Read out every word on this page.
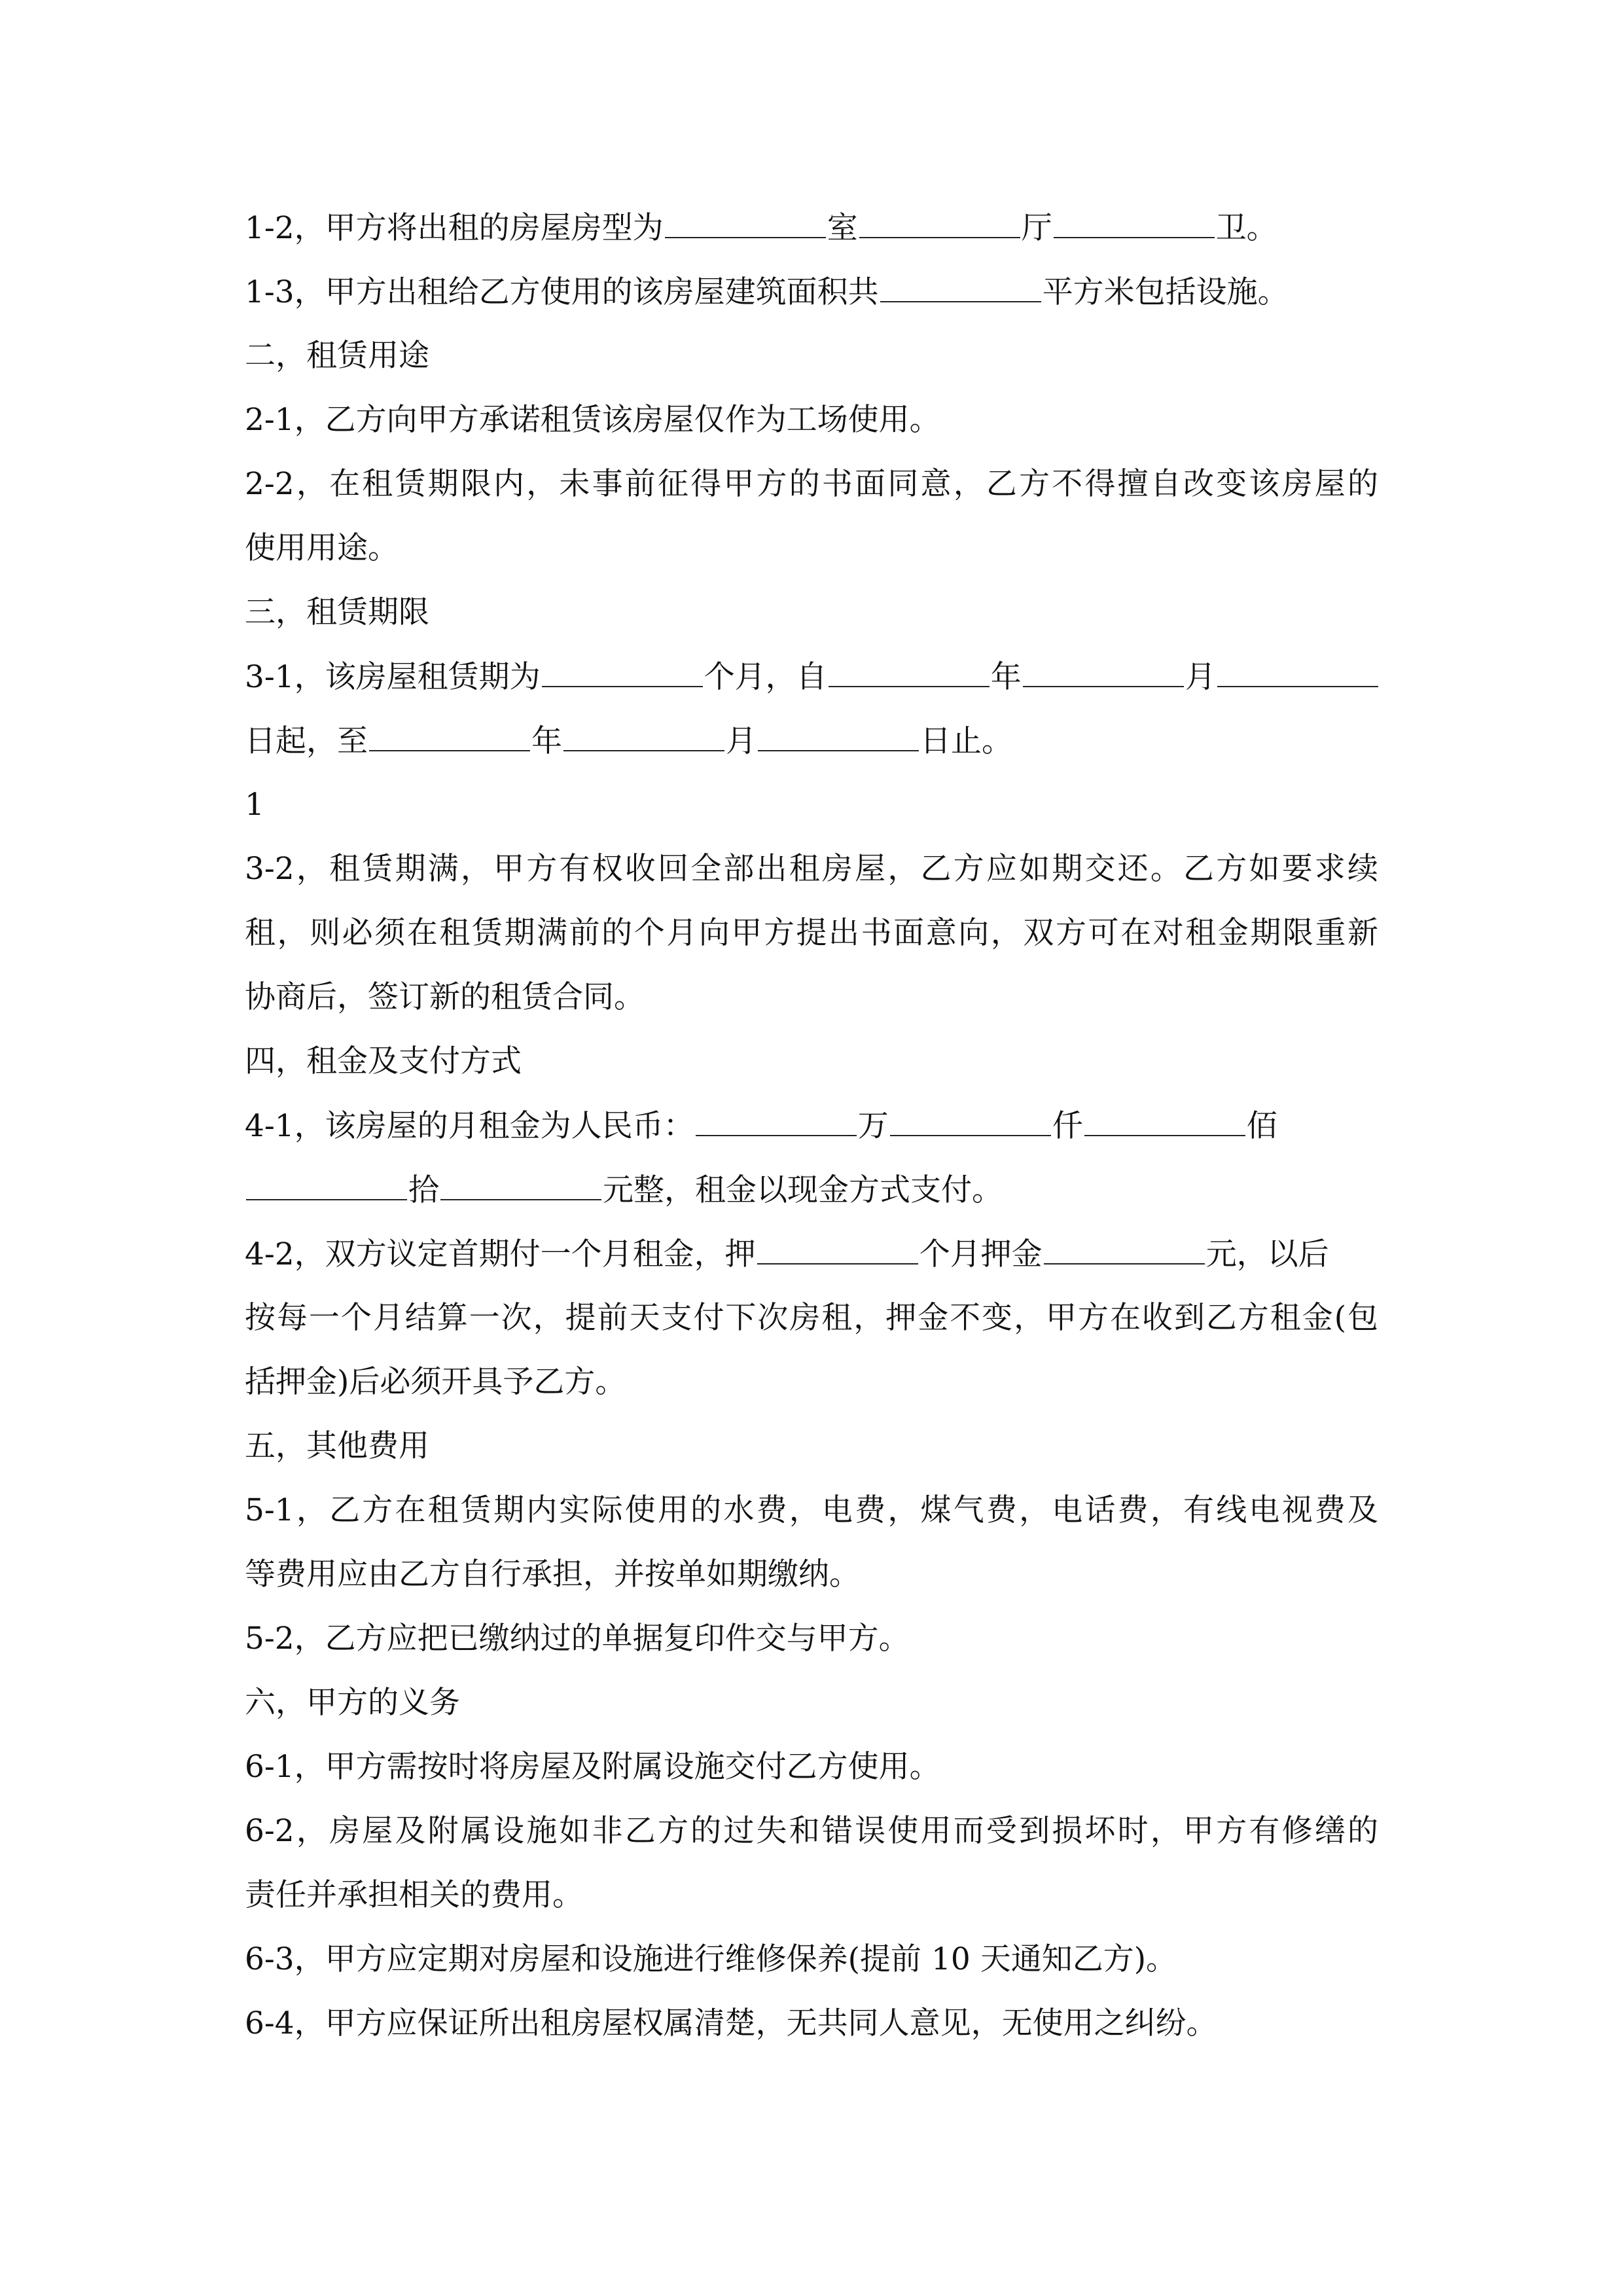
1-2，甲方将出租的房屋房型为	室	厅	卫。
1-3，甲方出租给乙方使用的该房屋建筑面积共	平方米包括设施。
二，租赁用途
2-1，乙方向甲方承诺租赁该房屋仅作为工场使用。
2-2，在租赁期限内，未事前征得甲方的书面同意，乙方不得擅自改变该房屋的
使用用途。
三，租赁期限
3-1，该房屋租赁期为	个月，自	年	月
日起，至	年	月	日止。
1
3-2，租赁期满，甲方有权收回全部出租房屋，乙方应如期交还。乙方如要求续
租，则必须在租赁期满前的个月向甲方提出书面意向，双方可在对租金期限重新
协商后，签订新的租赁合同。
四，租金及支付方式
4-1，该房屋的月租金为人民币：	万	仟	佰
拾	元整，租金以现金方式支付。
4-2，双方议定首期付一个月租金，押	个月押金	元，以后
按每一个月结算一次，提前天支付下次房租，押金不变，甲方在收到乙方租金(包
括押金)后必须开具予乙方。
五，其他费用
5-1，乙方在租赁期内实际使用的水费，电费，煤气费，电话费，有线电视费及
等费用应由乙方自行承担，并按单如期缴纳。
5-2，乙方应把已缴纳过的单据复印件交与甲方。
六，甲方的义务
6-1，甲方需按时将房屋及附属设施交付乙方使用。
6-2，房屋及附属设施如非乙方的过失和错误使用而受到损坏时，甲方有修缮的
责任并承担相关的费用。
6-3，甲方应定期对房屋和设施进行维修保养(提前 10 天通知乙方)。
6-4，甲方应保证所出租房屋权属清楚，无共同人意见，无使用之纠纷。
